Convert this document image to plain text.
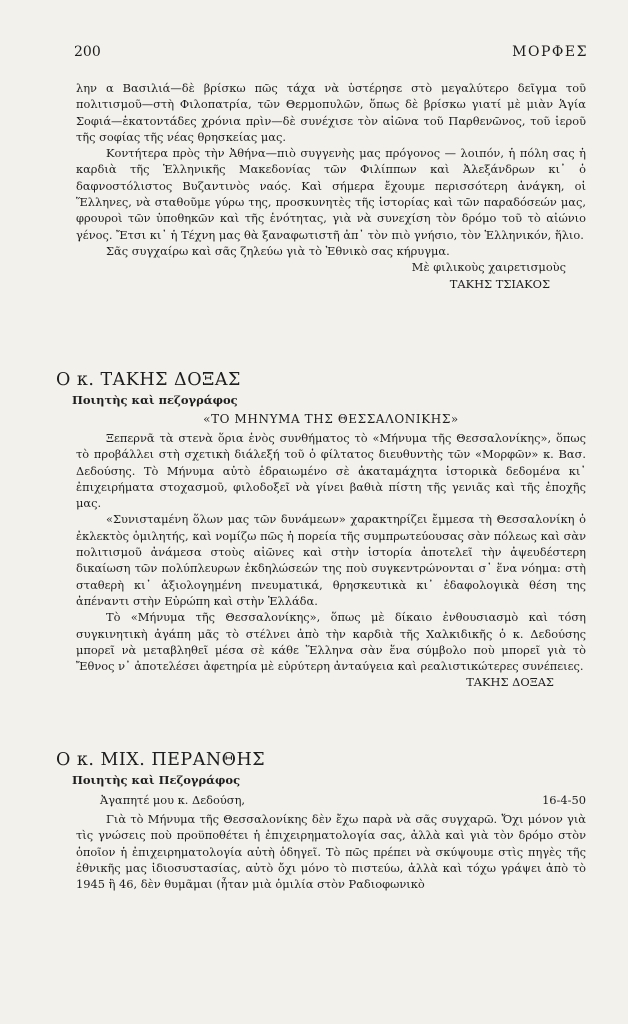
200	ΜΟΡΦΕΣ

λην α Βασιλιά—δὲ βρίσκω πῶς τάχα νὰ ὑστέρησε στὸ μεγαλύτερο δεῖγμα τοῦ πολιτισμοῦ—στὴ Φιλοπατρία, τῶν Θερμοπυλῶν, ὅπως δὲ βρίσκω γιατί μὲ μιὰν Ἁγία Σοφιά—ἑκατοντάδες χρόνια πρὶν—δὲ συνέχισε τὸν αἰῶνα τοῦ Παρθενῶνος, τοῦ ἱεροῦ τῆς σοφίας τῆς νέας θρησκείας μας.

Κοντήτερα πρὸς τὴν Ἀθήνα—πιὸ συγγενὴς μας πρόγονος — λοιπόν, ἡ πόλη σας ἡ καρδιὰ τῆς Ἑλληνικῆς Μακεδονίας τῶν Φιλίππων καὶ Ἀλεξάνδρων κι᾽ ὁ δαφνοστόλιστος Βυζαντινὸς ναός. Καὶ σήμερα ἔχουμε περισσότερη ἀνάγκη, οἱ Ἕλληνες, νὰ σταθοῦμε γύρω της, προσκυνητὲς τῆς ἱστορίας καὶ τῶν παραδόσεών μας, φρουροὶ τῶν ὑποθηκῶν καὶ τῆς ἑνότητας, γιὰ νὰ συνεχίση τὸν δρόμο τοῦ τὸ αἰώνιο γένος. Ἔτσι κι᾽ ἡ Τέχνη μας θὰ ξαναφωτιστῆ ἀπ᾽ τὸν πιὸ γνήσιο, τὸν Ἑλληνικόν, ἥλιο.

Σᾶς συγχαίρω καὶ σᾶς ζηλεύω γιὰ τὸ Ἐθνικὸ σας κήρυγμα.

Μὲ φιλικοὺς χαιρετισμοὺς

ΤΑΚΗΣ ΤΣΙΑΚΟΣ

Ο κ. ΤΑΚΗΣ ΔΟΞΑΣ
Ποιητὴς καὶ πεζογράφος
«ΤΟ ΜΗΝΥΜΑ ΤΗΣ ΘΕΣΣΑΛΟΝΙΚΗΣ»

Ξεπερνᾶ τὰ στενὰ ὅρια ἑνὸς συνθήματος τὸ «Μήνυμα τῆς Θεσσαλονίκης», ὅπως τὸ προβάλλει στὴ σχετικὴ διάλεξή τοῦ ὁ φίλτατος διευθυντὴς τῶν «Μορφῶν» κ. Βασ. Δεδούσης. Τὸ Μήνυμα αὐτὸ ἑδραιωμένο σὲ ἀκαταμάχητα ἱστορικὰ δεδομένα κι᾽ ἐπιχειρήματα στοχασμοῦ, φιλοδοξεῖ νὰ γίνει βαθιὰ πίστη τῆς γενιᾶς καὶ τῆς ἐποχῆς μας.

«Συνισταμένη ὅλων μας τῶν δυνάμεων» χαρακτηρίζει ἔμμεσα τὴ Θεσσαλονίκη ὁ ἐκλεκτὸς ὁμιλητής, καὶ νομίζω πῶς ἡ πορεία τῆς συμπρωτεύουσας σὰν πόλεως καὶ σὰν πολιτισμοῦ ἀνάμεσα στοὺς αἰῶνες καὶ στὴν ἱστορία ἀποτελεῖ τὴν ἀψευδέστερη δικαίωση τῶν πολύπλευρων ἐκδηλώσεών της ποὺ συγκεντρώνονται σ᾽ ἕνα νόημα: στὴ σταθερὴ κι᾽ ἀξιολογημένη πνευματικά, θρησκευτικὰ κι᾽ ἐδαφολογικὰ θέση της ἀπέναντι στὴν Εὐρώπη καὶ στὴν Ἑλλάδα.

Τὸ «Μήνυμα τῆς Θεσσαλονίκης», ὅπως μὲ δίκαιο ἐνθουσιασμὸ καὶ τόση συγκινητικὴ ἀγάπη μᾶς τὸ στέλνει ἀπὸ τὴν καρδιὰ τῆς Χαλκιδικῆς ὁ κ. Δεδούσης μπορεῖ νὰ μεταβληθεῖ μέσα σὲ κάθε Ἕλληνα σὰν ἕνα σύμβολο ποὺ μπορεῖ γιὰ τὸ Ἔθνος ν᾽ ἀποτελέσει ἀφετηρία μὲ εὐρύτερη ἀνταύγεια καὶ ρεαλιστικώτερες συνέπειες.

ΤΑΚΗΣ ΔΟΞΑΣ

Ο κ. ΜΙΧ. ΠΕΡΑΝΘΗΣ
Ποιητὴς καὶ Πεζογράφος
Ἀγαπητέ μου κ. Δεδούση,	16-4-50

Γιὰ τὸ Μήνυμα τῆς Θεσσαλονίκης δὲν ἔχω παρὰ νὰ σᾶς συγχαρῶ. Ὄχι μόνον γιὰ τὶς γνώσεις ποὺ προϋποθέτει ἡ ἐπιχειρηματολογία σας, ἀλλὰ καὶ γιὰ τὸν δρόμο στὸν ὁποῖον ἡ ἐπιχειρηματολογία αὐτὴ ὁδηγεῖ. Τὸ πῶς πρέπει νὰ σκύψουμε στὶς πηγὲς τῆς ἐθνικῆς μας ἰδιοσυστασίας, αὐτὸ ὄχι μόνο τὸ πιστεύω, ἀλλὰ καὶ τόχω γράψει ἀπὸ τὸ 1945 ἢ 46, δὲν θυμᾶμαι (ἦταν μιὰ ὁμιλία στὸν Ραδιοφωνικὸ
